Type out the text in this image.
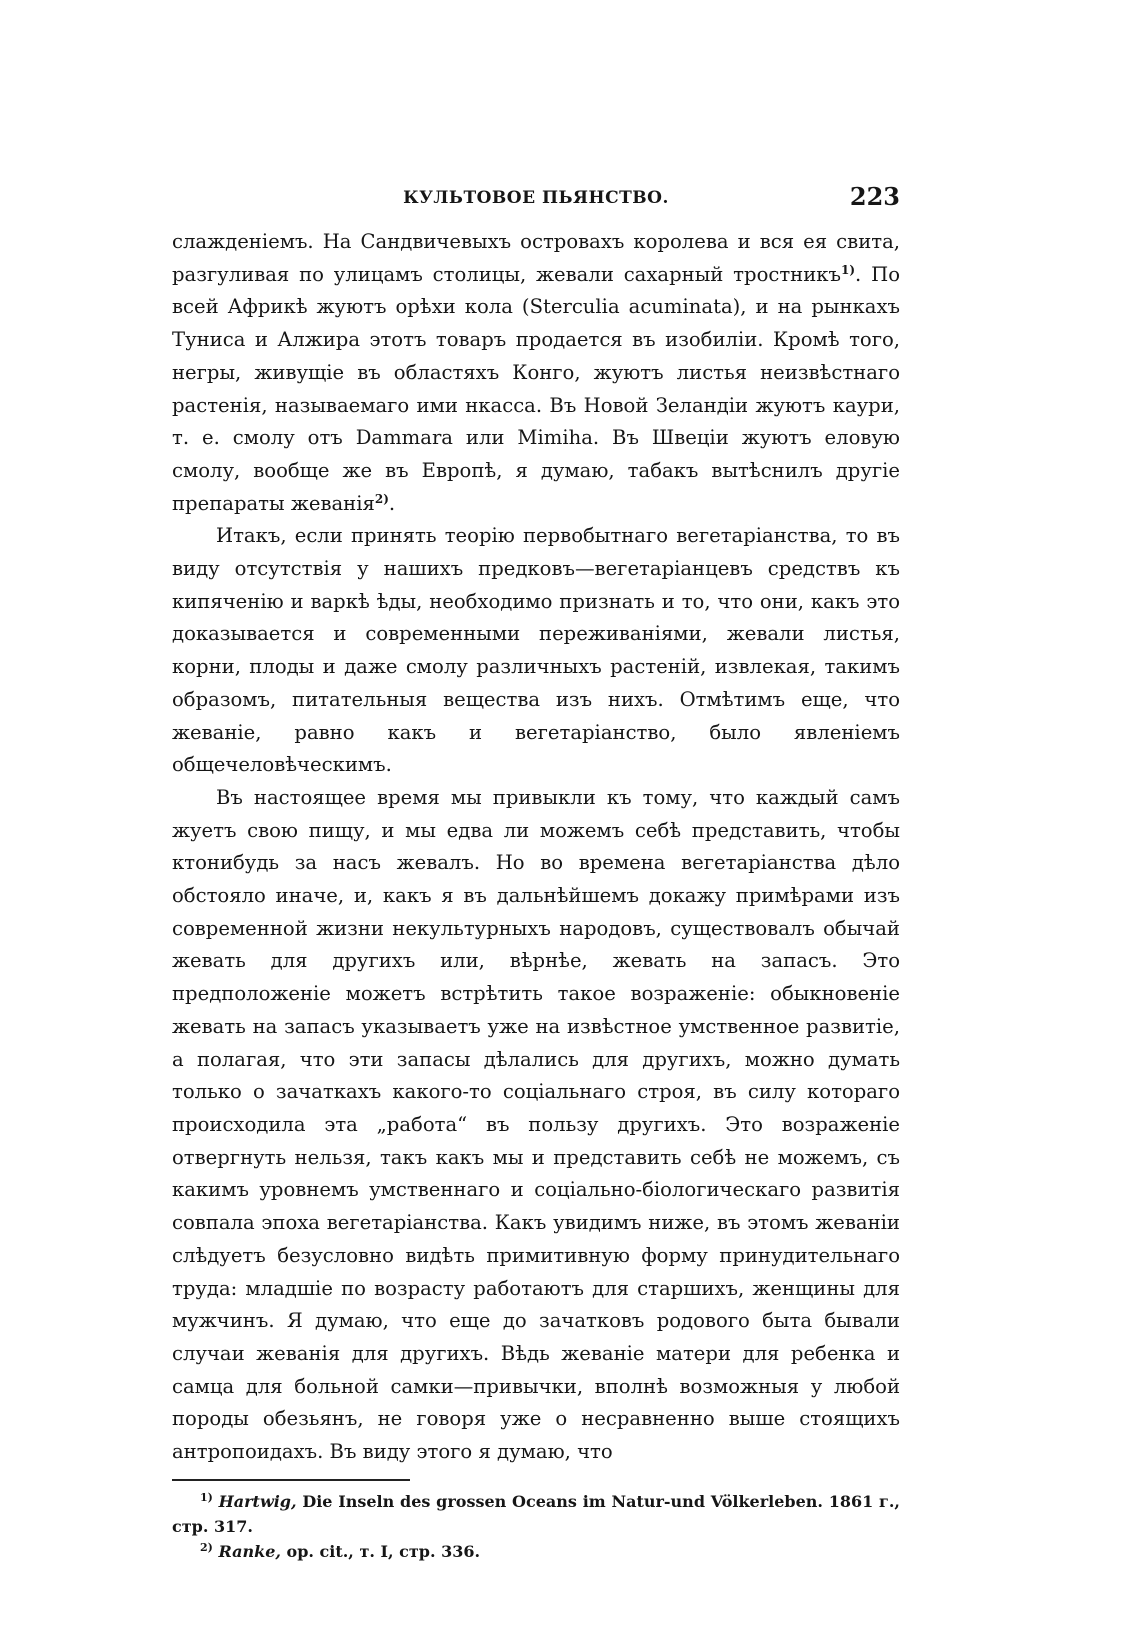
КУЛЬТОВОЕ ПЬЯНСТВО.	223

слажденіемъ. На Сандвичевыхъ островахъ королева и вся ея свита, разгуливая по улицамъ столицы, жевали сахарный тростникъ$^{1)}$. По всей Африкѣ жуютъ орѣхи кола (Sterculia acuminata), и на рынкахъ Туниса и Алжира этотъ товаръ продается въ изобиліи. Кромѣ того, негры, живущіе въ областяхъ Конго, жуютъ листья неизвѣстнаго растенія, называемаго ими нкасса. Въ Новой Зеландіи жуютъ каури, т. е. смолу отъ Dammara или Mimiha. Въ Швеціи жуютъ еловую смолу, вообще же въ Европѣ, я думаю, табакъ вытѣснилъ другіе препараты жеванія$^{2)}$.

Итакъ, если принять теорію первобытнаго вегетаріанства, то въ виду отсутствія у нашихъ предковъ—вегетаріанцевъ средствъ къ кипяченію и варкѣ ѣды, необходимо признать и то, что они, какъ это доказывается и современными переживаніями, жевали листья, корни, плоды и даже смолу различныхъ растеній, извлекая, такимъ образомъ, питательныя вещества изъ нихъ. Отмѣтимъ еще, что жеваніе, равно какъ и вегетаріанство, было явленіемъ общечеловѣческимъ.

Въ настоящее время мы привыкли къ тому, что каждый самъ жуетъ свою пищу, и мы едва ли можемъ себѣ представить, чтобы ктонибудь за насъ жевалъ. Но во времена вегетаріанства дѣло обстояло иначе, и, какъ я въ дальнѣйшемъ докажу примѣрами изъ современной жизни некультурныхъ народовъ, существовалъ обычай жевать для другихъ или, вѣрнѣе, жевать на запасъ. Это предположеніе можетъ встрѣтить такое возраженіе: обыкновеніе жевать на запасъ указываетъ уже на извѣстное умственное развитіе, а полагая, что эти запасы дѣлались для другихъ, можно думать только о зачаткахъ какого-то соціальнаго строя, въ силу котораго происходила эта „работа“ въ пользу другихъ. Это возраженіе отвергнуть нельзя, такъ какъ мы и представить себѣ не можемъ, съ какимъ уровнемъ умственнаго и соціально-біологическаго развитія совпала эпоха вегетаріанства. Какъ увидимъ ниже, въ этомъ жеваніи слѣдуетъ безусловно видѣть примитивную форму принудительнаго труда: младшіе по возрасту работаютъ для старшихъ, женщины для мужчинъ. Я думаю, что еще до зачатковъ родового быта бывали случаи жеванія для другихъ. Вѣдь жеваніе матери для ребенка и самца для больной самки—привычки, вполнѣ возможныя у любой породы обезьянъ, не говоря уже о несравненно выше стоящихъ антропоидахъ. Въ виду этого я думаю, что

$^{1)}$ Hartwig, Die Inseln des grossen Oceans im Natur-und Völkerleben. 1861 г., стр. 317.

$^{2)}$ Ranke, op. cit., т. I, стр. 336.
